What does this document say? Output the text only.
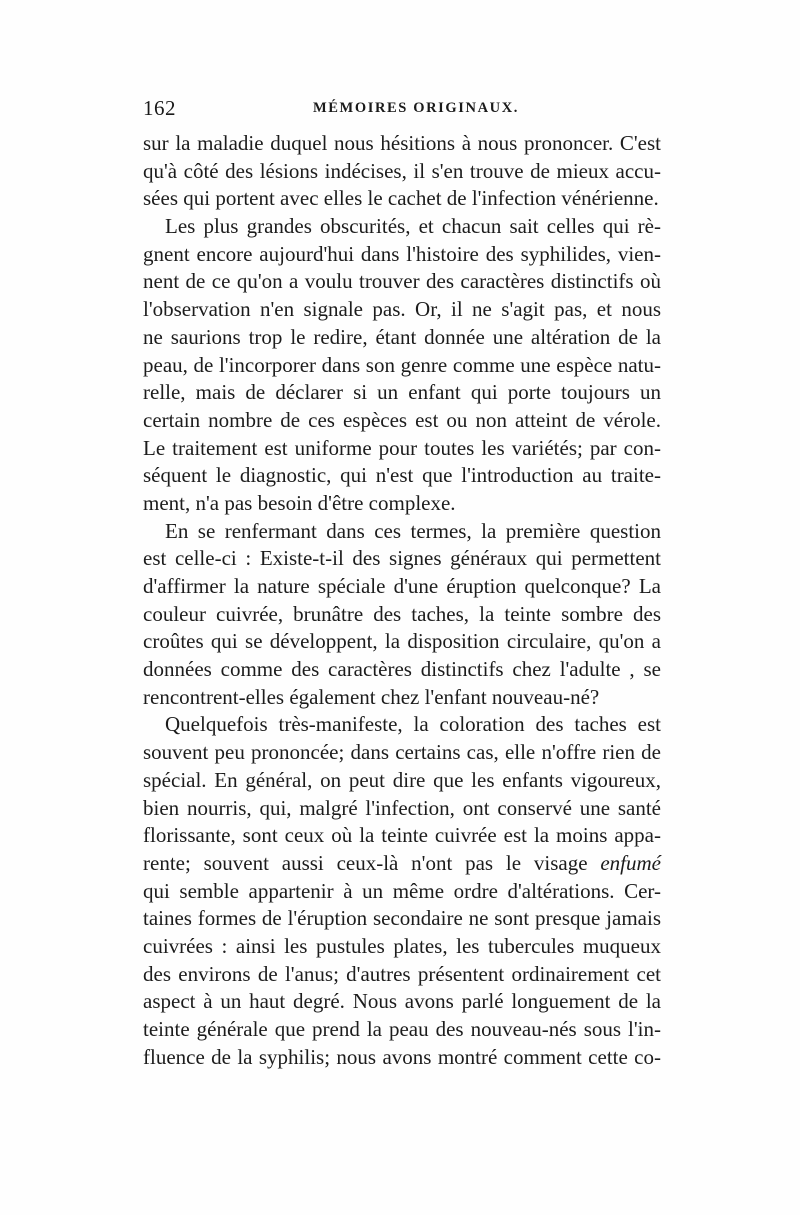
162	MÉMOIRES ORIGINAUX.
sur la maladie duquel nous hésitions à nous prononcer. C'est
qu'à côté des lésions indécises, il s'en trouve de mieux accu-
sées qui portent avec elles le cachet de l'infection vénérienne.
Les plus grandes obscurités, et chacun sait celles qui rè-
gnent encore aujourd'hui dans l'histoire des syphilides, vien-
nent de ce qu'on a voulu trouver des caractères distinctifs où
l'observation n'en signale pas. Or, il ne s'agit pas, et nous
ne saurions trop le redire, étant donnée une altération de la
peau, de l'incorporer dans son genre comme une espèce natu-
relle, mais de déclarer si un enfant qui porte toujours un
certain nombre de ces espèces est ou non atteint de vérole.
Le traitement est uniforme pour toutes les variétés; par con-
séquent le diagnostic, qui n'est que l'introduction au traite-
ment, n'a pas besoin d'être complexe.
En se renfermant dans ces termes, la première question
est celle-ci : Existe-t-il des signes généraux qui permettent
d'affirmer la nature spéciale d'une éruption quelconque? La
couleur cuivrée, brunâtre des taches, la teinte sombre des
croûtes qui se développent, la disposition circulaire, qu'on a
données comme des caractères distinctifs chez l'adulte , se
rencontrent-elles également chez l'enfant nouveau-né?
Quelquefois très-manifeste, la coloration des taches est
souvent peu prononcée; dans certains cas, elle n'offre rien de
spécial. En général, on peut dire que les enfants vigoureux,
bien nourris, qui, malgré l'infection, ont conservé une santé
florissante, sont ceux où la teinte cuivrée est la moins appa-
rente; souvent aussi ceux-là n'ont pas le visage enfumé
qui semble appartenir à un même ordre d'altérations. Cer-
taines formes de l'éruption secondaire ne sont presque jamais
cuivrées : ainsi les pustules plates, les tubercules muqueux
des environs de l'anus; d'autres présentent ordinairement cet
aspect à un haut degré. Nous avons parlé longuement de la
teinte générale que prend la peau des nouveau-nés sous l'in-
fluence de la syphilis; nous avons montré comment cette co-
